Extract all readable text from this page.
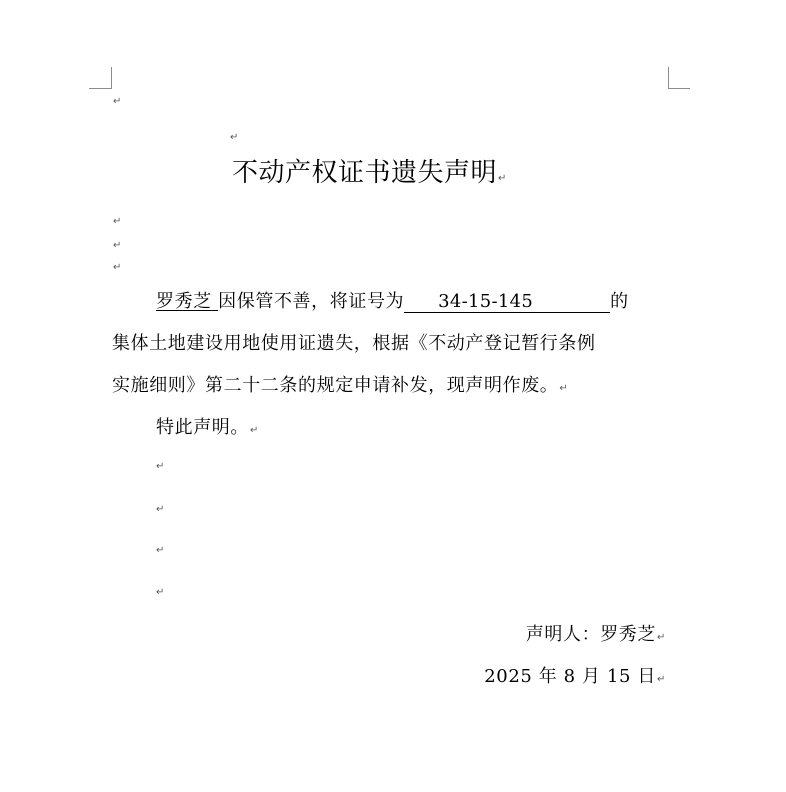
↵
↵
不动产权证书遗失声明↵
↵
↵
↵
罗秀芝 因保管不善，将证号为 34-15-145	的
集体土地建设用地使用证遗失，根据《不动产登记暂行条例
实施细则》第二十二条的规定申请补发，现声明作废。↵
特此声明。↵
↵
↵
↵
↵
声明人：罗秀芝↵
2025 年 8 月 15 日↵
